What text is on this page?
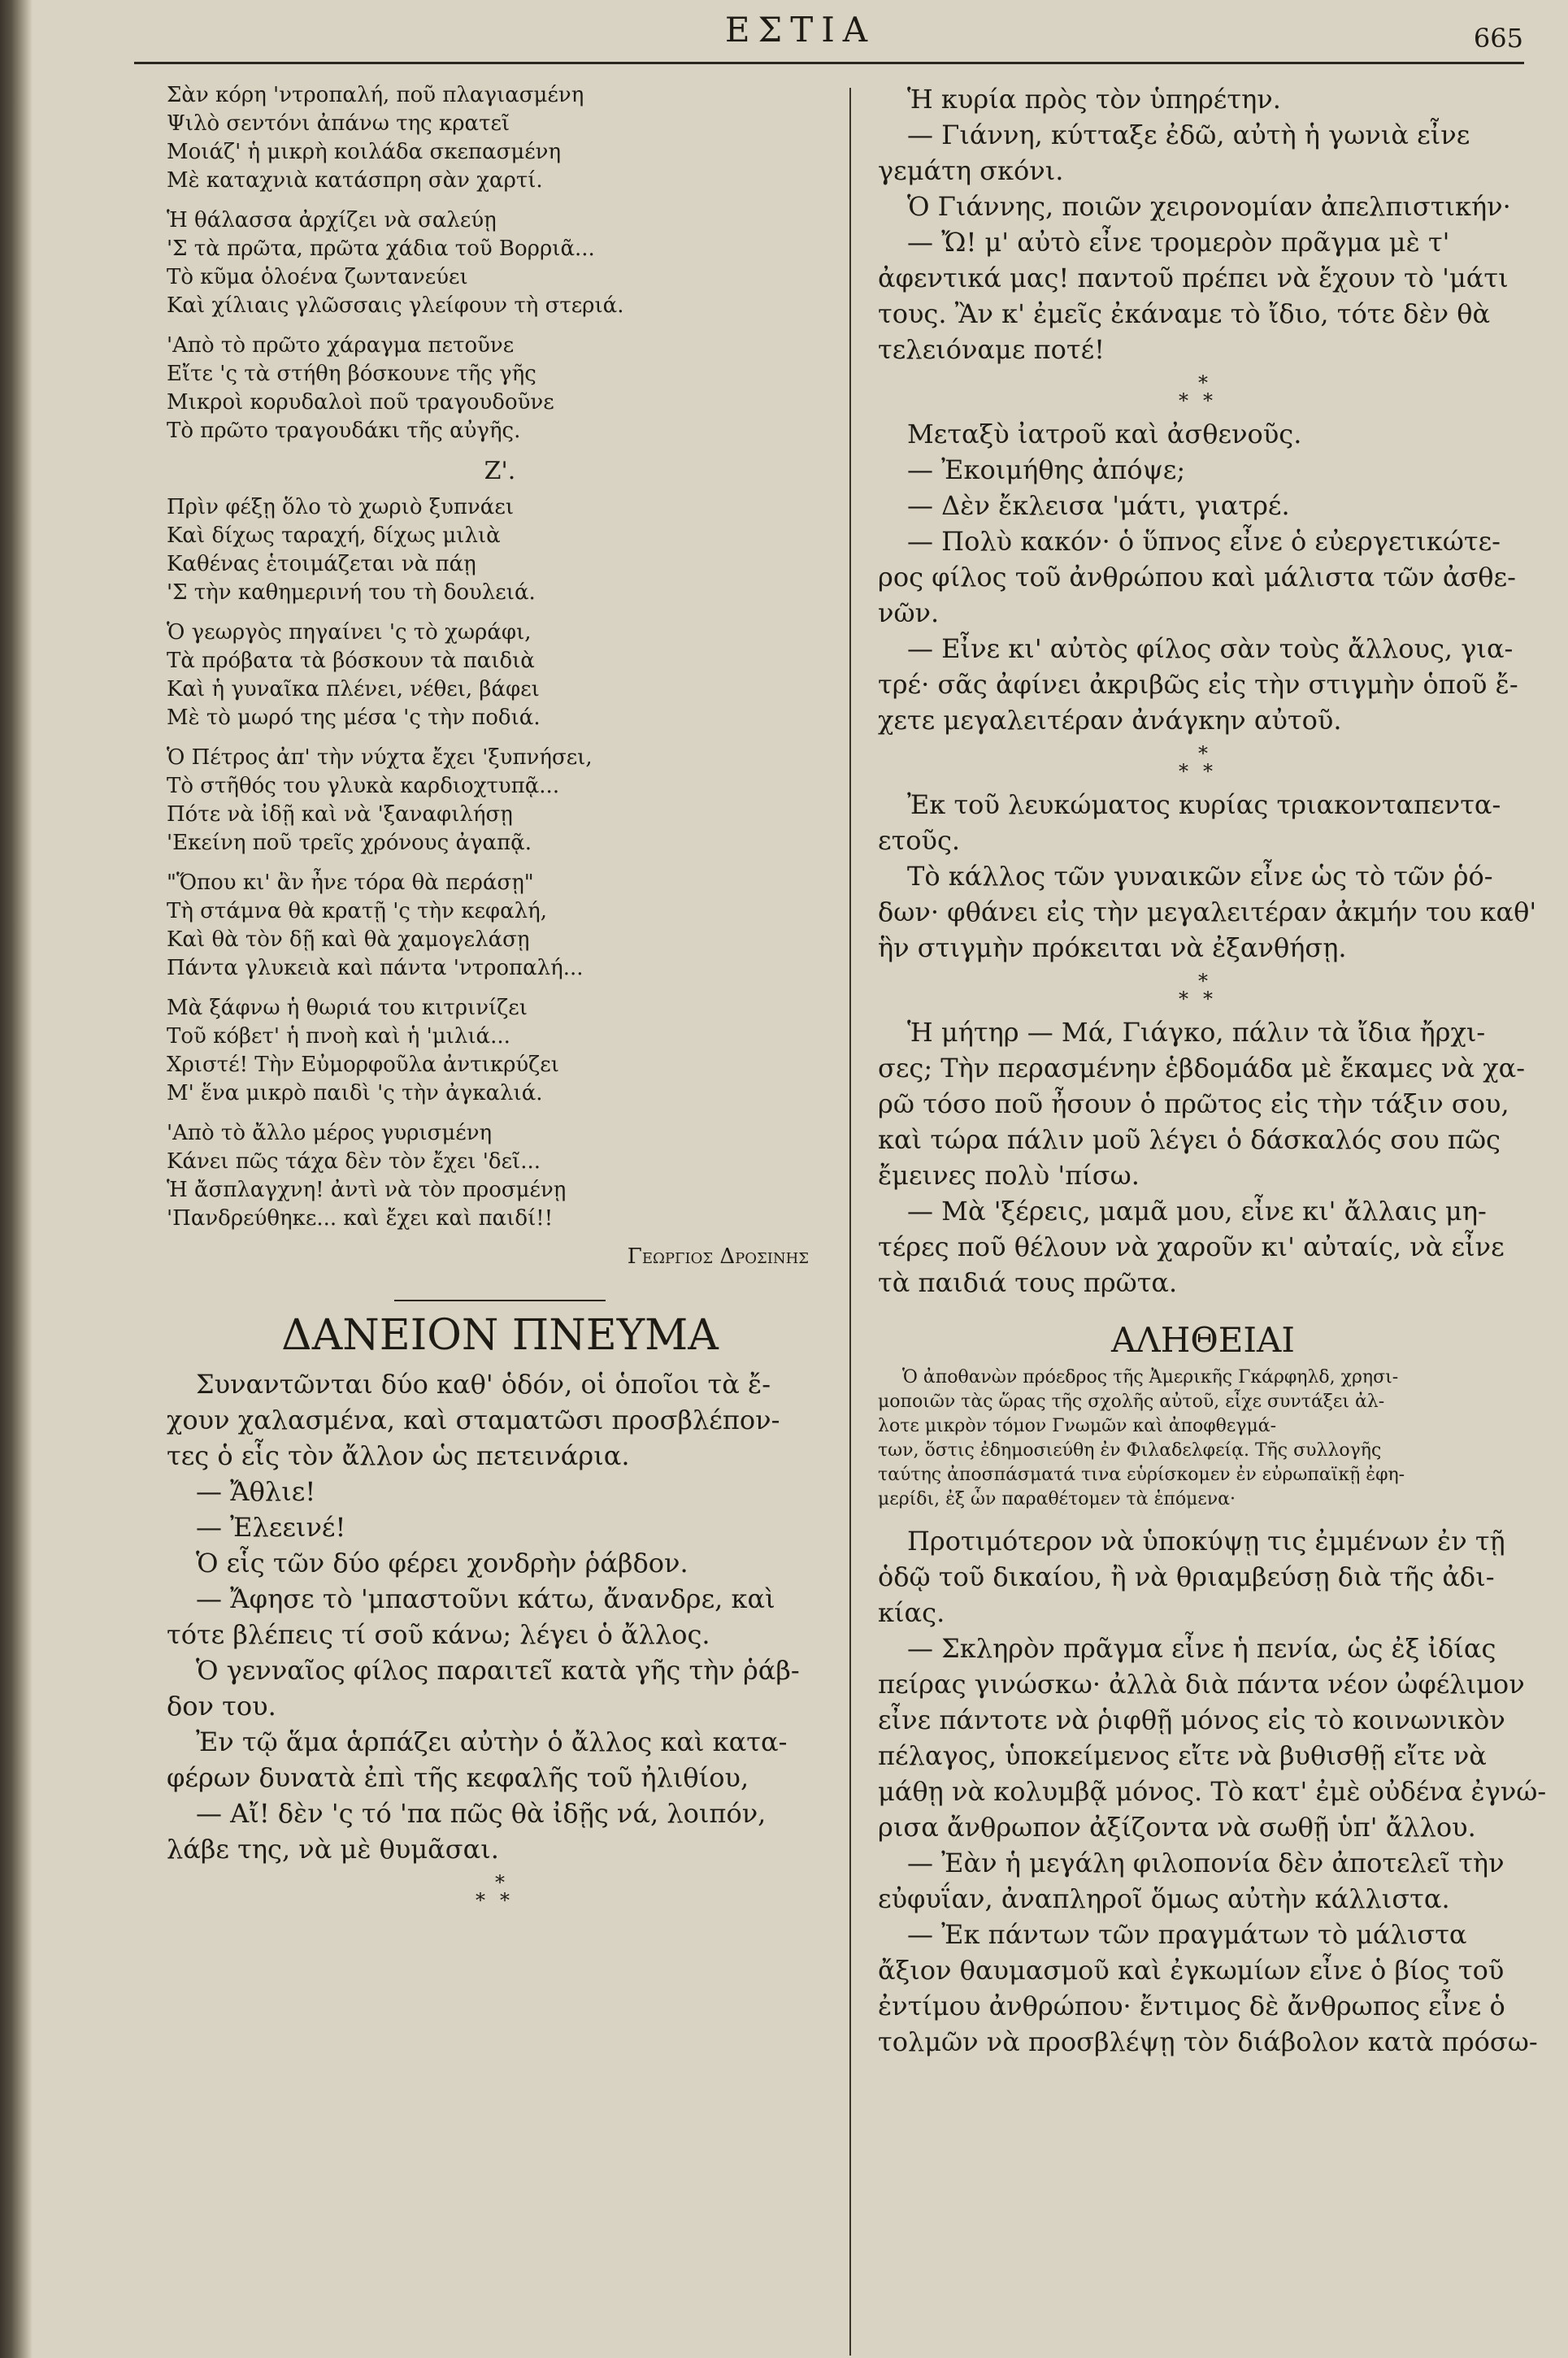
ΕΣΤΙΑ	665
Σὰν κόρη 'ντροπαλή, ποῦ πλαγιασμένη
Ψιλὸ σεντόνι ἀπάνω της κρατεῖ
Μοιάζ' ἡ μικρὴ κοιλάδα σκεπασμένη
Μὲ καταχνιὰ κατάσπρη σὰν χαρτί.
Ἡ θάλασσα ἀρχίζει νὰ σαλεύῃ
'Σ τὰ πρῶτα, πρῶτα χάδια τοῦ Βορριᾶ...
Τὸ κῦμα ὁλοένα ζωντανεύει
Καὶ χίλιαις γλῶσσαις γλείφουν τὴ στεριά.
'Απὸ τὸ πρῶτο χάραγμα πετοῦνε
Εἴτε 'ς τὰ στήθη βόσκουνε τῆς γῆς
Μικροὶ κορυδαλοὶ ποῦ τραγουδοῦνε
Τὸ πρῶτο τραγουδάκι τῆς αὐγῆς.
Ζ'.
Πρὶν φέξῃ ὅλο τὸ χωριὸ ξυπνάει
Καὶ δίχως ταραχή, δίχως μιλιὰ
Καθένας ἑτοιμάζεται νὰ πάῃ
'Σ τὴν καθημερινή του τὴ δουλειά.
Ὁ γεωργὸς πηγαίνει 'ς τὸ χωράφι,
Τὰ πρόβατα τὰ βόσκουν τὰ παιδιὰ
Καὶ ἡ γυναῖκα πλένει, νέθει, βάφει
Μὲ τὸ μωρό της μέσα 'ς τὴν ποδιά.
Ὁ Πέτρος ἀπ' τὴν νύχτα ἔχει 'ξυπνήσει,
Τὸ στῆθός του γλυκὰ καρδιοχτυπᾷ...
Πότε νὰ ἰδῇ καὶ νὰ 'ξαναφιλήσῃ
'Εκείνη ποῦ τρεῖς χρόνους ἀγαπᾷ.
"Ὅπου κι' ἂν ἦνε τόρα θὰ περάσῃ"
Τὴ στάμνα θὰ κρατῇ 'ς τὴν κεφαλή,
Καὶ θὰ τὸν δῇ καὶ θὰ χαμογελάσῃ
Πάντα γλυκειὰ καὶ πάντα 'ντροπαλή...
Μὰ ξάφνω ἡ θωριά του κιτρινίζει
Τοῦ κόβετ' ἡ πνοὴ καὶ ἡ 'μιλιά...
Χριστέ! Τὴν Εὐμορφοῦλα ἀντικρύζει
Μ' ἕνα μικρὸ παιδὶ 'ς τὴν ἀγκαλιά.
'Απὸ τὸ ἄλλο μέρος γυρισμένη
Κάνει πῶς τάχα δὲν τὸν ἔχει 'δεῖ...
Ἡ ἄσπλαγχνη! ἀντὶ νὰ τὸν προσμένῃ
'Πανδρεύθηκε... καὶ ἔχει καὶ παιδί!!
Γεωργιος Δροσινης
ΔΑΝΕΙΟΝ ΠΝΕΥΜΑ
Συναντῶνται δύο καθ' ὁδόν, οἱ ὁποῖοι τὰ ἔ-
χουν χαλασμένα, καὶ σταματῶσι προσβλέπον-
τες ὁ εἷς τὸν ἄλλον ὡς πετεινάρια.
— Ἄθλιε!
— Ἐλεεινέ!
Ὁ εἷς τῶν δύο φέρει χονδρὴν ῥάβδον.
— Ἄφησε τὸ 'μπαστοῦνι κάτω, ἄνανδρε, καὶ
τότε βλέπεις τί σοῦ κάνω; λέγει ὁ ἄλλος.
Ὁ γενναῖος φίλος παραιτεῖ κατὰ γῆς τὴν ῥάβ-
δον του.
Ἐν τῷ ἅμα ἁρπάζει αὐτὴν ὁ ἄλλος καὶ κατα-
φέρων δυνατὰ ἐπὶ τῆς κεφαλῆς τοῦ ἠλιθίου,
— Αἴ! δὲν 'ς τό 'πα πῶς θὰ ἰδῇς νά, λοιπόν,
λάβε της, νὰ μὲ θυμᾶσαι.
*
**
Ἡ κυρία πρὸς τὸν ὑπηρέτην.
— Γιάννη, κύτταξε ἐδῶ, αὐτὴ ἡ γωνιὰ εἶνε
γεμάτη σκόνι.
Ὁ Γιάννης, ποιῶν χειρονομίαν ἀπελπιστικήν·
— Ὤ! μ' αὐτὸ εἶνε τρομερὸν πρᾶγμα μὲ τ'
ἀφεντικά μας! παντοῦ πρέπει νὰ ἔχουν τὸ 'μάτι
τους. Ἂν κ' ἐμεῖς ἐκάναμε τὸ ἴδιο, τότε δὲν θὰ
τελειόναμε ποτέ!
*
**
Μεταξὺ ἰατροῦ καὶ ἀσθενοῦς.
— Ἐκοιμήθης ἀπόψε;
— Δὲν ἔκλεισα 'μάτι, γιατρέ.
— Πολὺ κακόν· ὁ ὕπνος εἶνε ὁ εὐεργετικώτε-
ρος φίλος τοῦ ἀνθρώπου καὶ μάλιστα τῶν ἀσθε-
νῶν.
— Εἶνε κι' αὐτὸς φίλος σὰν τοὺς ἄλλους, για-
τρέ· σᾶς ἀφίνει ἀκριβῶς εἰς τὴν στιγμὴν ὁποῦ ἔ-
χετε μεγαλειτέραν ἀνάγκην αὐτοῦ.
*
**
Ἐκ τοῦ λευκώματος κυρίας τριακονταπεντα-
ετοῦς.
Τὸ κάλλος τῶν γυναικῶν εἶνε ὡς τὸ τῶν ῥό-
δων· φθάνει εἰς τὴν μεγαλειτέραν ἀκμήν του καθ'
ἣν στιγμὴν πρόκειται νὰ ἐξανθήσῃ.
*
**
Ἡ μήτηρ — Μά, Γιάγκο, πάλιν τὰ ἴδια ἤρχι-
σες; Τὴν περασμένην ἑβδομάδα μὲ ἔκαμες νὰ χα-
ρῶ τόσο ποῦ ἦσουν ὁ πρῶτος εἰς τὴν τάξιν σου,
καὶ τώρα πάλιν μοῦ λέγει ὁ δάσκαλός σου πῶς
ἔμεινες πολὺ 'πίσω.
— Μὰ 'ξέρεις, μαμᾶ μου, εἶνε κι' ἄλλαις μη-
τέρες ποῦ θέλουν νὰ χαροῦν κι' αὐταίς, νὰ εἶνε
τὰ παιδιά τους πρῶτα.
ΑΛΗΘΕΙΑΙ
Ὁ ἀποθανὼν πρόεδρος τῆς Ἀμερικῆς Γκάρφηλδ, χρησι-
μοποιῶν τὰς ὥρας τῆς σχολῆς αὐτοῦ, εἶχε συντάξει ἀλ-
λοτε μικρὸν τόμον Γνωμῶν καὶ ἀποφθεγμά-
των, ὅστις ἐδημοσιεύθη ἐν Φιλαδελφείᾳ. Τῆς συλλογῆς
ταύτης ἀποσπάσματά τινα εὑρίσκομεν ἐν εὐρωπαϊκῇ ἐφη-
μερίδι, ἐξ ὧν παραθέτομεν τὰ ἑπόμενα·
Προτιμότερον νὰ ὑποκύψῃ τις ἐμμένων ἐν τῇ
ὁδῷ τοῦ δικαίου, ἢ νὰ θριαμβεύσῃ διὰ τῆς ἀδι-
κίας.
— Σκληρὸν πρᾶγμα εἶνε ἡ πενία, ὡς ἐξ ἰδίας
πείρας γινώσκω· ἀλλὰ διὰ πάντα νέον ὠφέλιμον
εἶνε πάντοτε νὰ ῥιφθῇ μόνος εἰς τὸ κοινωνικὸν
πέλαγος, ὑποκείμενος εἴτε νὰ βυθισθῇ εἴτε νὰ
μάθῃ νὰ κολυμβᾷ μόνος. Τὸ κατ' ἐμὲ οὐδένα ἐγνώ-
ρισα ἄνθρωπον ἀξίζοντα νὰ σωθῇ ὑπ' ἄλλου.
— Ἐὰν ἡ μεγάλη φιλοπονία δὲν ἀποτελεῖ τὴν
εὐφυΐαν, ἀναπληροῖ ὅμως αὐτὴν κάλλιστα.
— Ἐκ πάντων τῶν πραγμάτων τὸ μάλιστα
ἄξιον θαυμασμοῦ καὶ ἐγκωμίων εἶνε ὁ βίος τοῦ
ἐντίμου ἀνθρώπου· ἔντιμος δὲ ἄνθρωπος εἶνε ὁ
τολμῶν νὰ προσβλέψῃ τὸν διάβολον κατὰ πρόσω-
